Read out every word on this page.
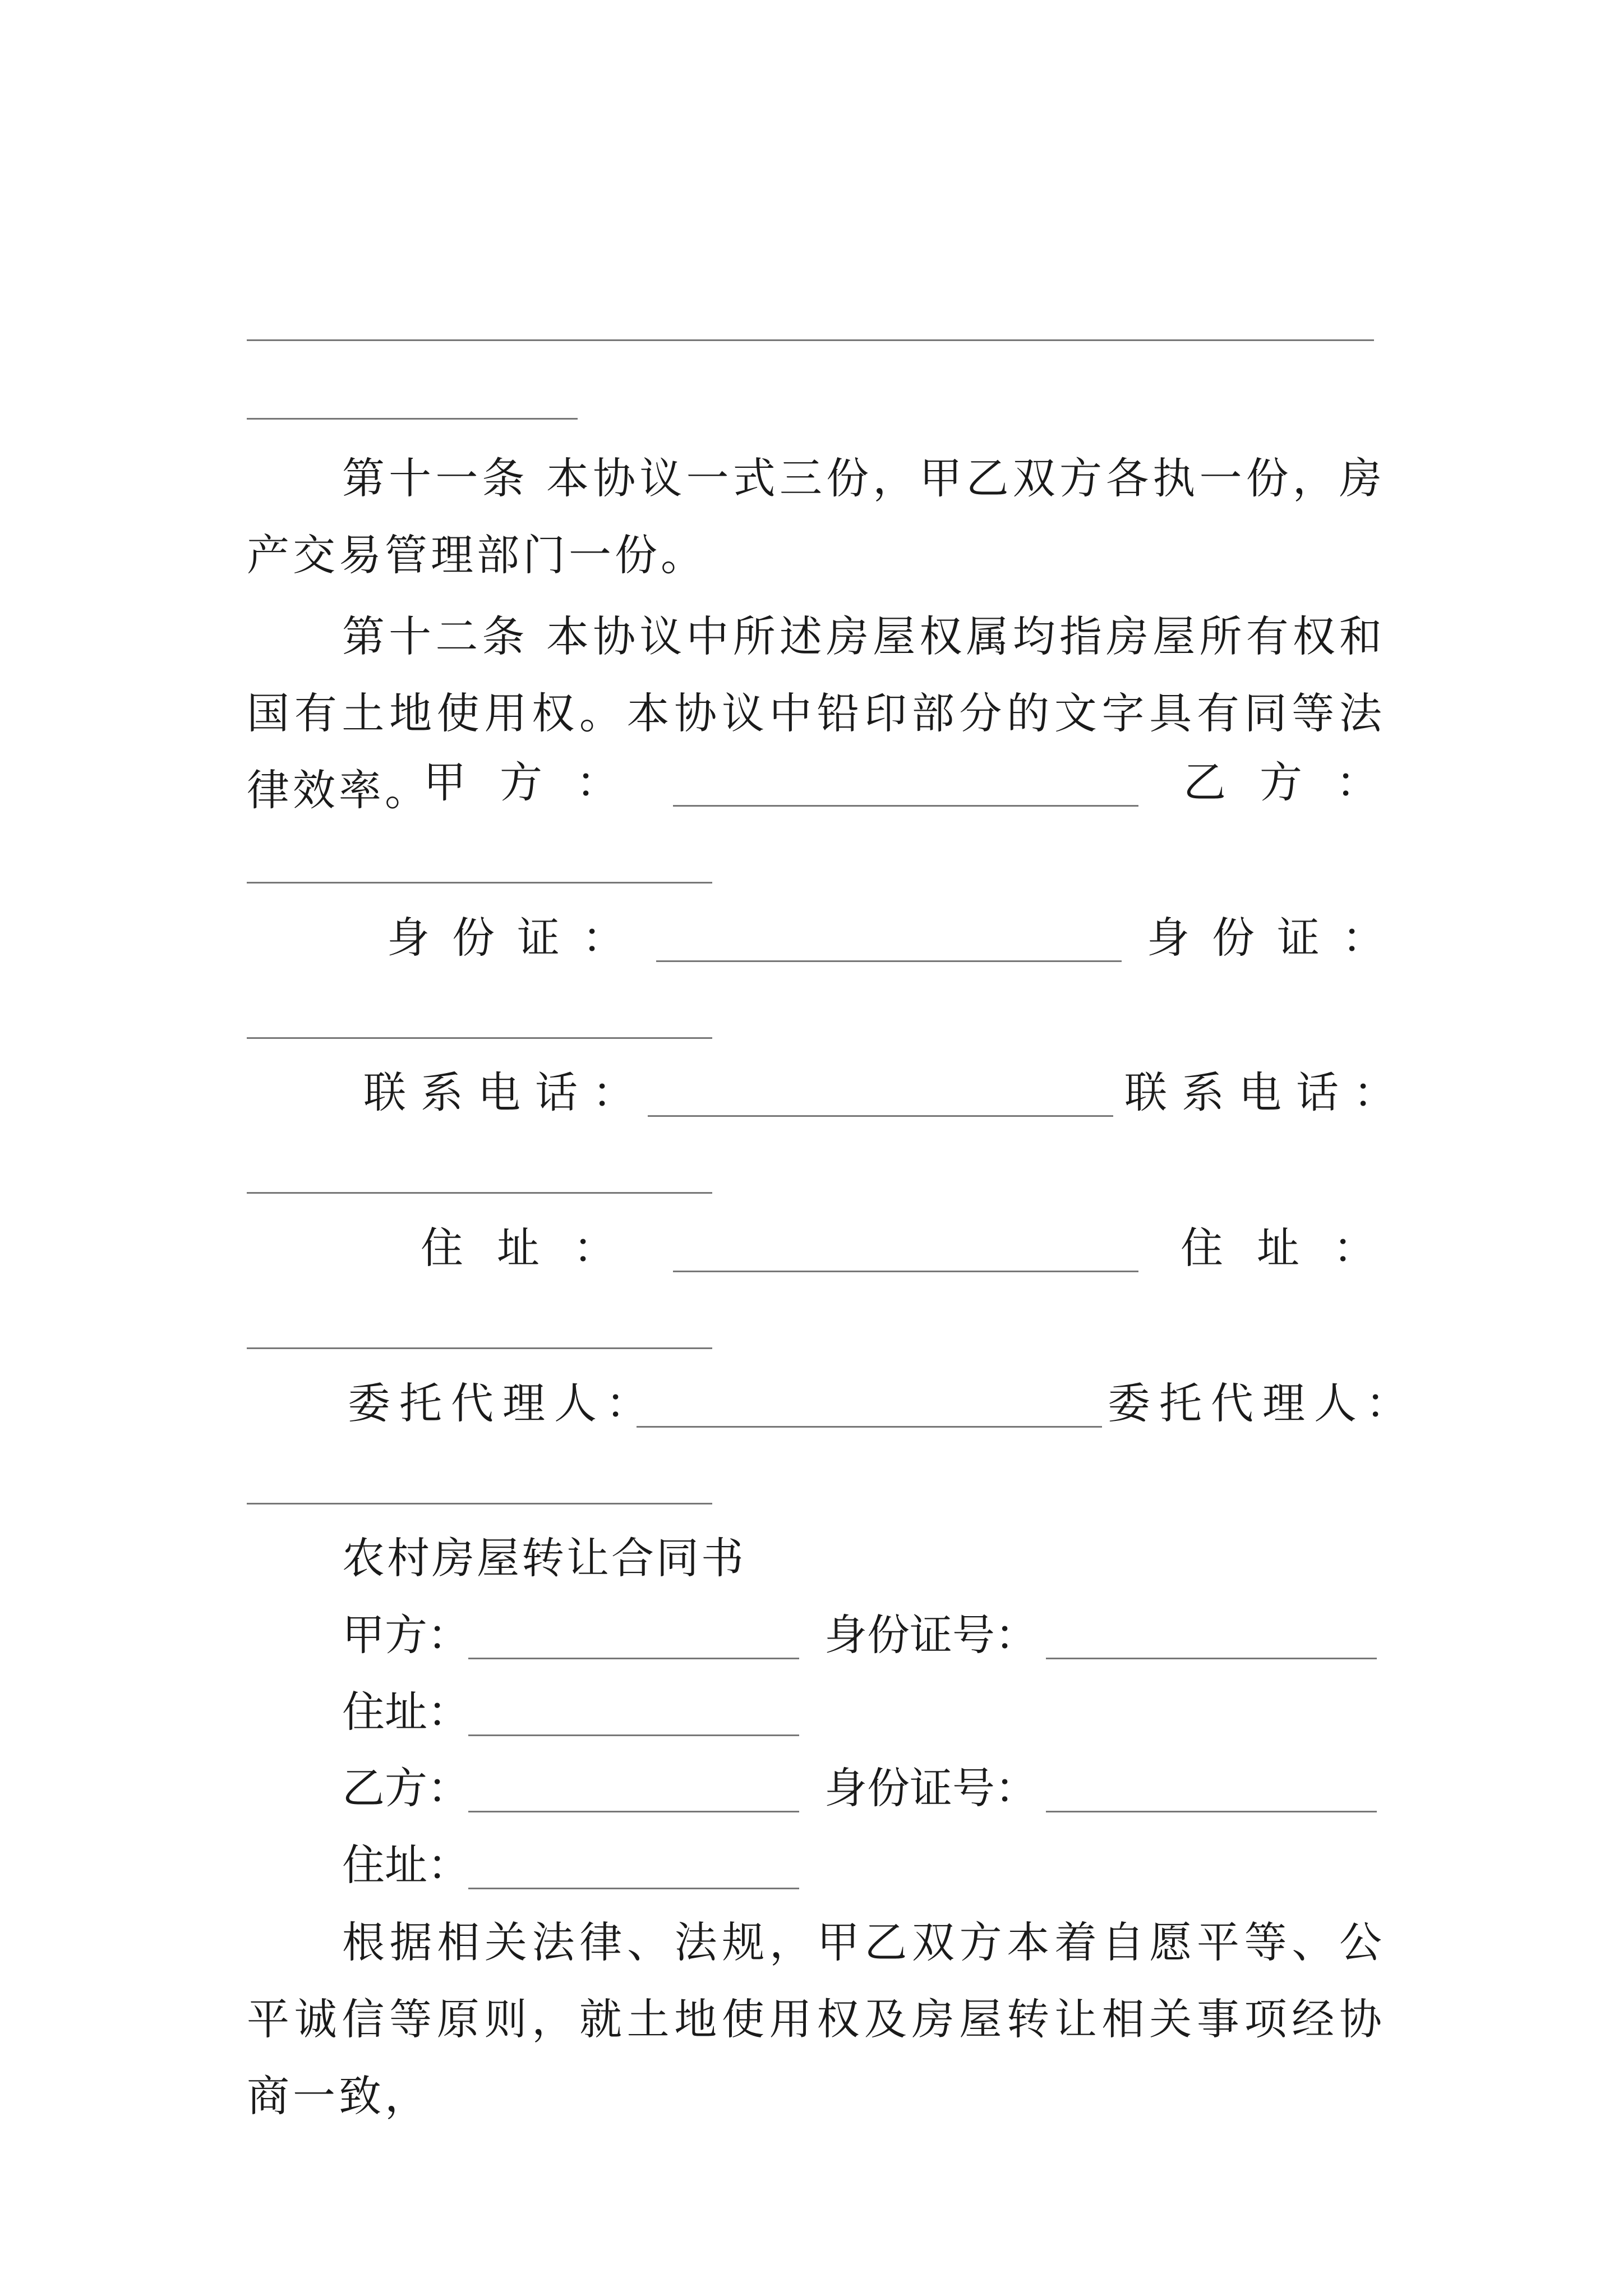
第十一条 本协议一式三份，甲乙双方各执一份，房产交易管理部门一份。
第十二条 本协议中所述房屋权属均指房屋所有权和国有土地使用权。本协议中铅印部分的文字具有同等法律效率。
甲方：	乙方：
身份证：	身份证：
联系电话：	联系电话：
住址：	住址：
委托代理人：	委托代理人：
农村房屋转让合同书
甲方：	身份证号：
住址：
乙方：	身份证号：
住址：
根据相关法律、法规，甲乙双方本着自愿平等、公平诚信等原则，就土地使用权及房屋转让相关事项经协商一致，
